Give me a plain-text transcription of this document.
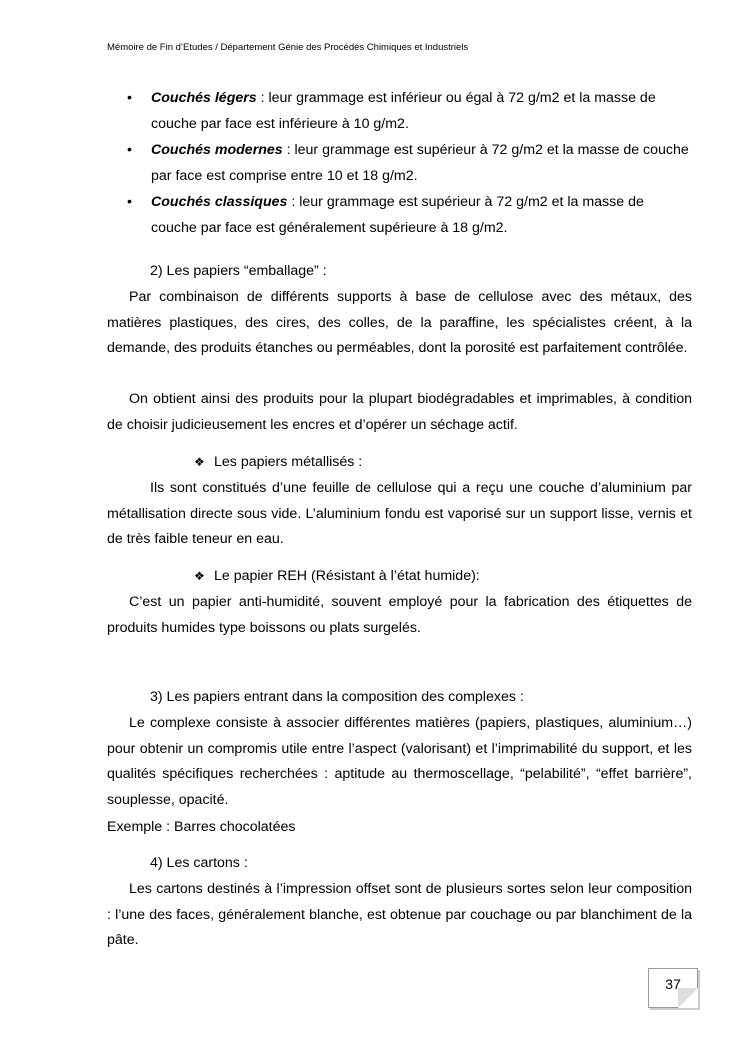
Mémoire de Fin d’Etudes / Département Génie des Procédés Chimiques et Industriels
• Couchés légers : leur grammage est inférieur ou égal à 72 g/m2 et la masse de couche par face est inférieure à 10 g/m2.
• Couchés modernes : leur grammage est supérieur à 72 g/m2 et la masse de couche par face est comprise entre 10 et 18 g/m2.
• Couchés classiques : leur grammage est supérieur à 72 g/m2 et la masse de couche par face est généralement supérieure à 18 g/m2.
2) Les papiers “emballage” :
Par combinaison de différents supports à base de cellulose avec des métaux, des matières plastiques, des cires, des colles, de la paraffine, les spécialistes créent, à la demande, des produits étanches ou perméables, dont la porosité est parfaitement contrôlée.
On obtient ainsi des produits pour la plupart biodégradables et imprimables, à condition de choisir judicieusement les encres et d’opérer un séchage actif.
❖ Les papiers métallisés :
Ils sont constitués d’une feuille de cellulose qui a reçu une couche d’aluminium par métallisation directe sous vide. L’aluminium fondu est vaporisé sur un support lisse, vernis et de très faible teneur en eau.
❖ Le papier REH (Résistant à l’état humide):
C’est un papier anti-humidité, souvent employé pour la fabrication des étiquettes de produits humides type boissons ou plats surgelés.
3) Les papiers entrant dans la composition des complexes :
Le complexe consiste à associer différentes matières (papiers, plastiques, aluminium…) pour obtenir un compromis utile entre l’aspect (valorisant) et l’imprimabilité du support, et les qualités spécifiques recherchées : aptitude au thermoscellage, “pelabilité”, “effet barrière”, souplesse, opacité.
Exemple : Barres chocolatées
4) Les cartons :
Les cartons destinés à l’impression offset sont de plusieurs sortes selon leur composition : l’une des faces, généralement blanche, est obtenue par couchage ou par blanchiment de la pâte.
37
